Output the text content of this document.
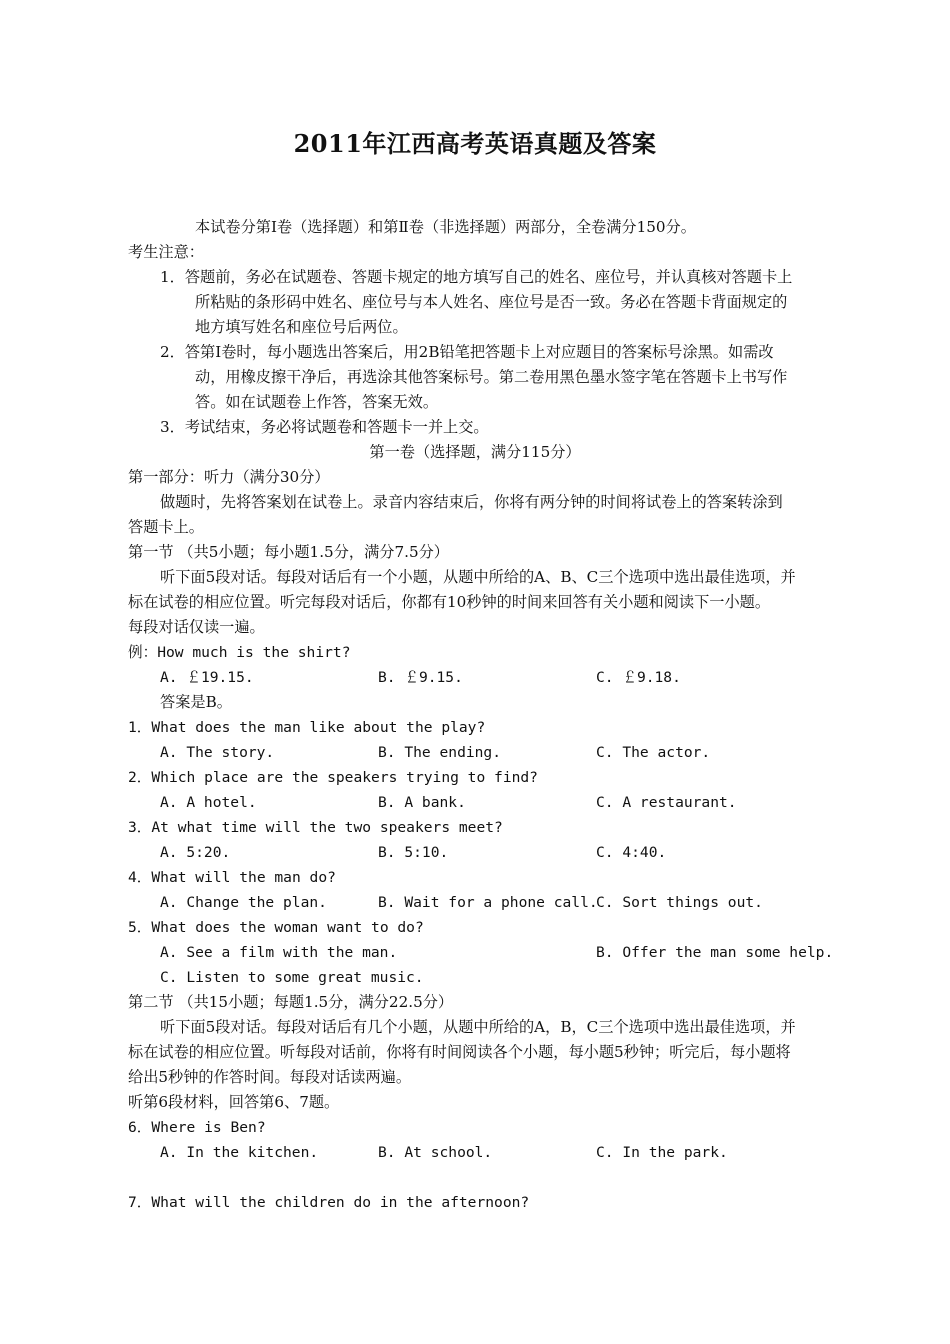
2011年江西高考英语真题及答案
本试卷分第Ⅰ卷（选择题）和第Ⅱ卷（非选择题）两部分，全卷满分150分。
考生注意：
1．答题前，务必在试题卷、答题卡规定的地方填写自己的姓名、座位号，并认真核对答题卡上
所粘贴的条形码中姓名、座位号与本人姓名、座位号是否一致。务必在答题卡背面规定的
地方填写姓名和座位号后两位。
2．答第Ⅰ卷时，每小题选出答案后，用2B铅笔把答题卡上对应题目的答案标号涂黑。如需改
动，用橡皮擦干净后，再选涂其他答案标号。第二卷用黑色墨水签字笔在答题卡上书写作
答。如在试题卷上作答，答案无效。
3．考试结束，务必将试题卷和答题卡一并上交。
第一卷（选择题，满分115分）
第一部分：听力（满分30分）
做题时，先将答案划在试卷上。录音内容结束后，你将有两分钟的时间将试卷上的答案转涂到
答题卡上。
第一节 （共5小题；每小题1.5分，满分7.5分）
听下面5段对话。每段对话后有一个小题，从题中所给的A、B、C三个选项中选出最佳选项，并
标在试卷的相应位置。听完每段对话后，你都有10秒钟的时间来回答有关小题和阅读下一小题。
每段对话仅读一遍。
例：How much is the shirt?
A. ￡19.15.	B. ￡9.15.	C. ￡9.18.
答案是B。
1．What does the man like about the play?
A. The story.	B. The ending.	C. The actor.
2．Which place are the speakers trying to find?
A. A hotel.	B. A bank.	C. A restaurant.
3．At what time will the two speakers meet?
A. 5:20.	B. 5:10.	C. 4:40.
4．What will the man do?
A. Change the plan.	B. Wait for a phone call.
C. Sort things out.
5．What does the woman want to do?
A. See a film with the man.	B. Offer the man some help.
C. Listen to some great music.
第二节 （共15小题；每题1.5分，满分22.5分）
听下面5段对话。每段对话后有几个小题，从题中所给的A，B，C三个选项中选出最佳选项，并
标在试卷的相应位置。听每段对话前，你将有时间阅读各个小题，每小题5秒钟；听完后，每小题将
给出5秒钟的作答时间。每段对话读两遍。
听第6段材料，回答第6、7题。
6．Where is Ben?
A. In the kitchen.	B. At school.	C. In the park.
7．What will the children do in the afternoon?
